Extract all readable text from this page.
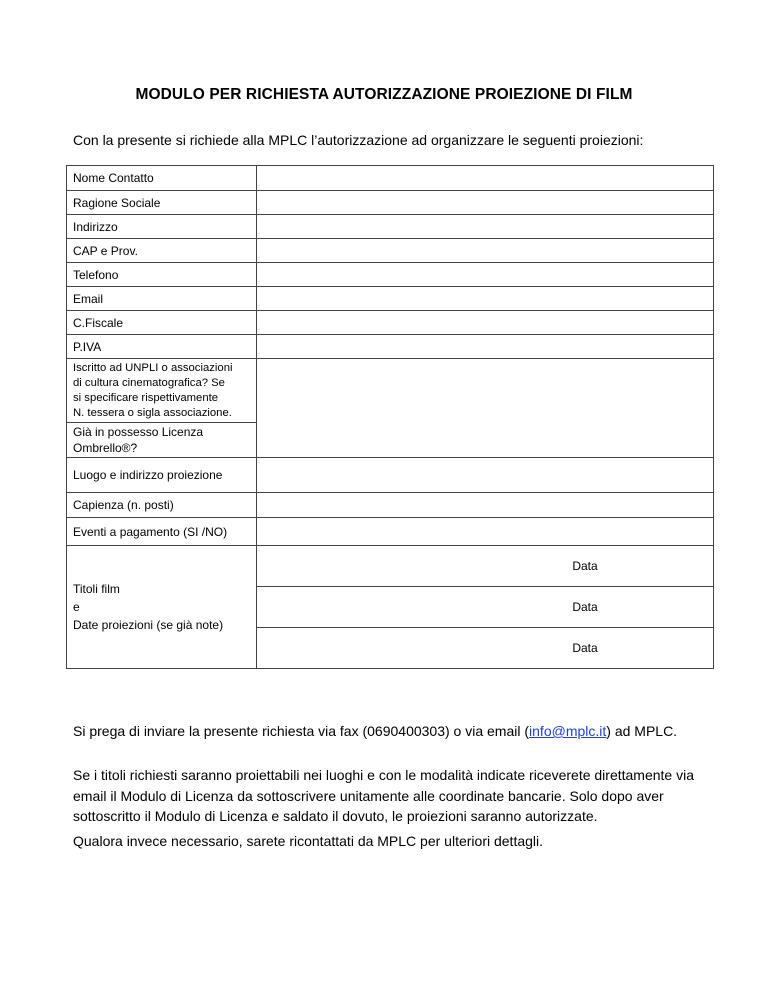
MODULO PER RICHIESTA AUTORIZZAZIONE PROIEZIONE DI FILM
Con la presente si richiede alla MPLC l’autorizzazione ad organizzare le seguenti proiezioni:
Nome Contatto	
Ragione Sociale	
Indirizzo	
CAP e Prov.	
Telefono	
Email	
C.Fiscale	
P.IVA	

Iscritto ad UNPLI o associazioni
di cultura cinematografica? Se
si specificare rispettivamente
N. tessera o sigla associazione.	

Già in possesso Licenza
Ombrello®?	

Luogo e indirizzo proiezione	
Capienza (n. posti)	
Eventi a pagamento (SI /NO)	

Titoli film
e
Date proiezioni (se già note)	Data
	Data
	Data
Si prega di inviare la presente richiesta via fax (0690400303) o via email (info@mplc.it) ad MPLC.
Se i titoli richiesti saranno proiettabili nei luoghi e con le modalità indicate riceverete direttamente via email il Modulo di Licenza da sottoscrivere unitamente alle coordinate bancarie. Solo dopo aver sottoscritto il Modulo di Licenza e saldato il dovuto, le proiezioni saranno autorizzate.
Qualora invece necessario, sarete ricontattati da MPLC per ulteriori dettagli.
